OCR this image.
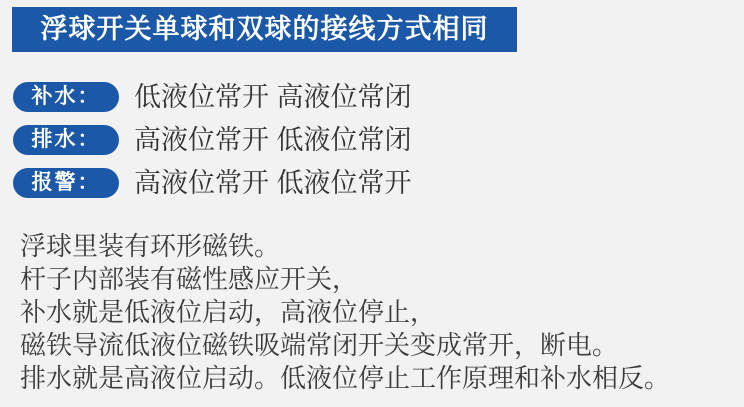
浮球开关单球和双球的接线方式相同
补水：	低液位常开 高液位常闭
排水：	高液位常开 低液位常闭
报警：	高液位常开 低液位常开
浮球里装有环形磁铁。
杆子内部装有磁性感应开关，
补水就是低液位启动，高液位停止，
磁铁导流低液位磁铁吸端常闭开关变成常开，断电。
排水就是高液位启动。低液位停止工作原理和补水相反。
